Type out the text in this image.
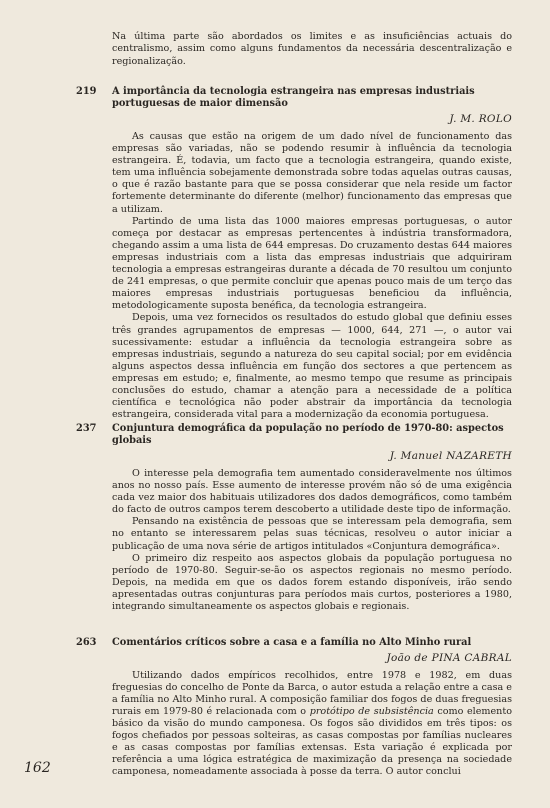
Na última parte são abordados os limites e as insuficiências actuais do centralismo, assim como alguns fundamentos da necessária descentralização e regionalização.
219 A importância da tecnologia estrangeira nas empresas industriais portuguesas de maior dimensão
J. M. ROLO

As causas que estão na origem de um dado nível de funcionamento das empresas são variadas, não se podendo resumir à influência da tecnologia estrangeira. É, todavia, um facto que a tecnologia estrangeira, quando existe, tem uma influência sobejamente demonstrada sobre todas aquelas outras causas, o que é razão bastante para que se possa considerar que nela reside um factor fortemente determinante do diferente (melhor) funcionamento das empresas que a utilizam.

Partindo de uma lista das 1000 maiores empresas portuguesas, o autor começa por destacar as empresas pertencentes à indústria transformadora, chegando assim a uma lista de 644 empresas. Do cruzamento destas 644 maiores empresas industriais com a lista das empresas industriais que adquiriram tecnologia a empresas estrangeiras durante a década de 70 resultou um conjunto de 241 empresas, o que permite concluir que apenas pouco mais de um terço das maiores empresas industriais portuguesas beneficiou da influência, metodologicamente suposta benéfica, da tecnologia estrangeira.

Depois, uma vez fornecidos os resultados do estudo global que definiu esses três grandes agrupamentos de empresas — 1000, 644, 271 —, o autor vai sucessivamente: estudar a influência da tecnologia estrangeira sobre as empresas industriais, segundo a natureza do seu capital social; por em evidência alguns aspectos dessa influência em função dos sectores a que pertencem as empresas em estudo; e, finalmente, ao mesmo tempo que resume as principais conclusões do estudo, chamar a atenção para a necessidade de a política científica e tecnológica não poder abstrair da importância da tecnologia estrangeira, considerada vital para a modernização da economia portuguesa.

237 Conjuntura demográfica da população no período de 1970-80: aspectos globais
J. Manuel NAZARETH

O interesse pela demografia tem aumentado consideravelmente nos últimos anos no nosso país. Esse aumento de interesse provém não só de uma exigência cada vez maior dos habituais utilizadores dos dados demográficos, como também do facto de outros campos terem descoberto a utilidade deste tipo de informação.

Pensando na existência de pessoas que se interessam pela demografia, sem no entanto se interessarem pelas suas técnicas, resolveu o autor iniciar a publicação de uma nova série de artigos intitulados «Conjuntura demográfica».

O primeiro diz respeito aos aspectos globais da população portuguesa no período de 1970-80. Seguir-se-ão os aspectos regionais no mesmo período. Depois, na medida em que os dados forem estando disponíveis, irão sendo apresentadas outras conjunturas para períodos mais curtos, posteriores a 1980, integrando simultaneamente os aspectos globais e regionais.

263 Comentários críticos sobre a casa e a família no Alto Minho rural
João de PINA CABRAL

Utilizando dados empíricos recolhidos, entre 1978 e 1982, em duas freguesias do concelho de Ponte da Barca, o autor estuda a relação entre a casa e a família no Alto Minho rural. A composição familiar dos fogos de duas freguesias rurais em 1979-80 é relacionada com o protótipo de subsistência como elemento básico da visão do mundo camponesa. Os fogos são divididos em três tipos: os fogos chefiados por pessoas solteiras, as casas compostas por famílias nucleares e as casas compostas por famílias extensas. Esta variação é explicada por referência a uma lógica estratégica de maximização da presença na sociedade camponesa, nomeadamente associada à posse da terra. O autor conclui

162
